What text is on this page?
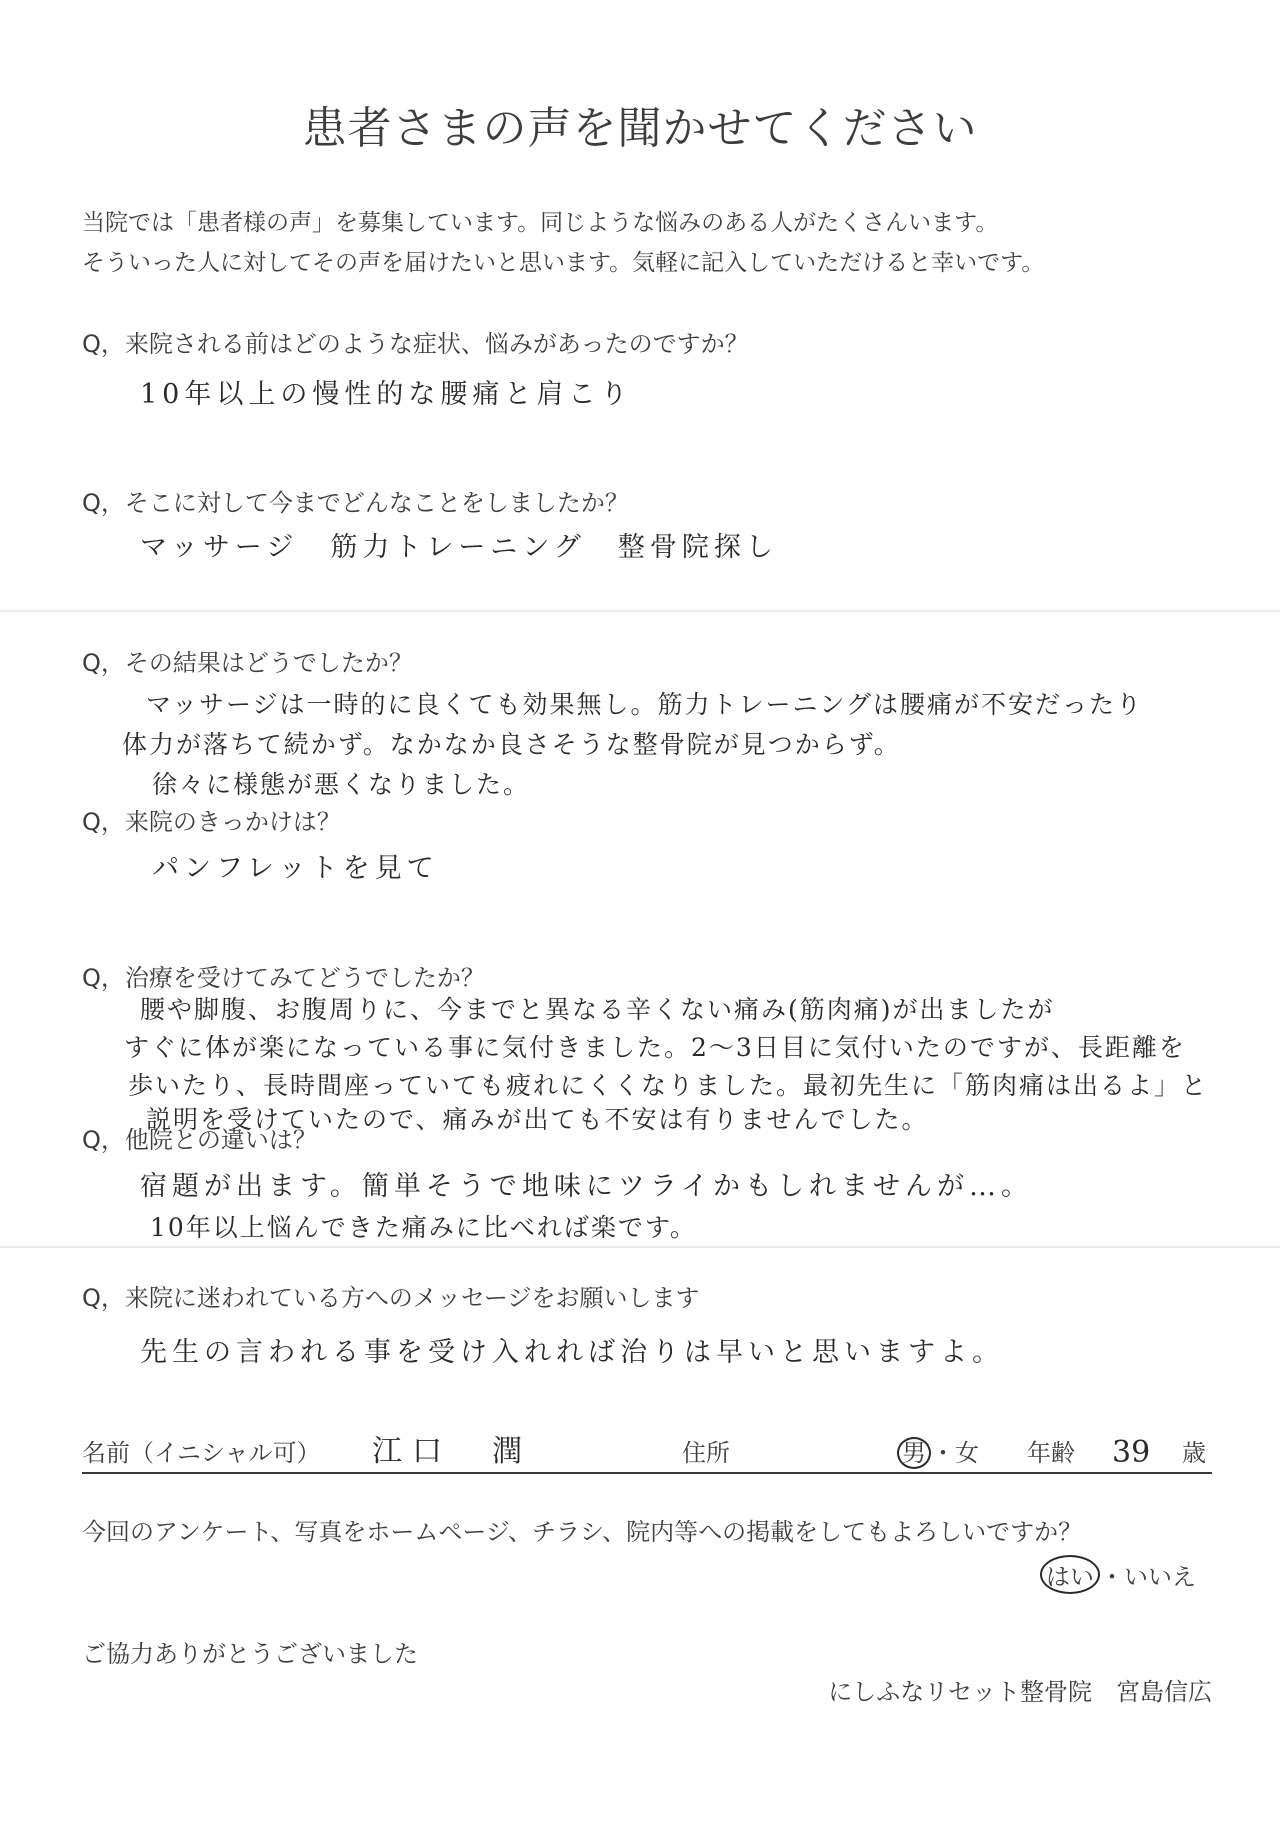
患者さまの声を聞かせてください
当院では「患者様の声」を募集しています。同じような悩みのある人がたくさんいます。
そういった人に対してその声を届けたいと思います。気軽に記入していただけると幸いです。
Q，来院される前はどのような症状、悩みがあったのですか？
10年以上の慢性的な腰痛と肩こり
Q，そこに対して今までどんなことをしましたか？
マッサージ　筋力トレーニング　整骨院探し
Q，その結果はどうでしたか？
マッサージは一時的に良くても効果無し。筋力トレーニングは腰痛が不安だったり
体力が落ちて続かず。なかなか良さそうな整骨院が見つからず。
徐々に様態が悪くなりました。
Q，来院のきっかけは？
パンフレットを見て
Q，治療を受けてみてどうでしたか？
腰や脚腹、お腹周りに、今までと異なる辛くない痛み(筋肉痛)が出ましたが
すぐに体が楽になっている事に気付きました。2～3日目に気付いたのですが、長距離を
歩いたり、長時間座っていても疲れにくくなりました。最初先生に「筋肉痛は出るよ」と
説明を受けていたので、痛みが出ても不安は有りませんでした。
Q，他院との違いは？
宿題が出ます。簡単そうで地味にツライかもしれませんが…。
10年以上悩んできた痛みに比べれば楽です。
Q，来院に迷われている方へのメッセージをお願いします
先生の言われる事を受け入れれば治りは早いと思いますよ。
名前（イニシャル可） 江口　潤	住所	男 ・女 年齢 39 歳
今回のアンケート、写真をホームページ、チラシ、院内等への掲載をしてもよろしいですか？
はい ・いいえ
ご協力ありがとうございました
にしふなリセット整骨院 宮島信広
